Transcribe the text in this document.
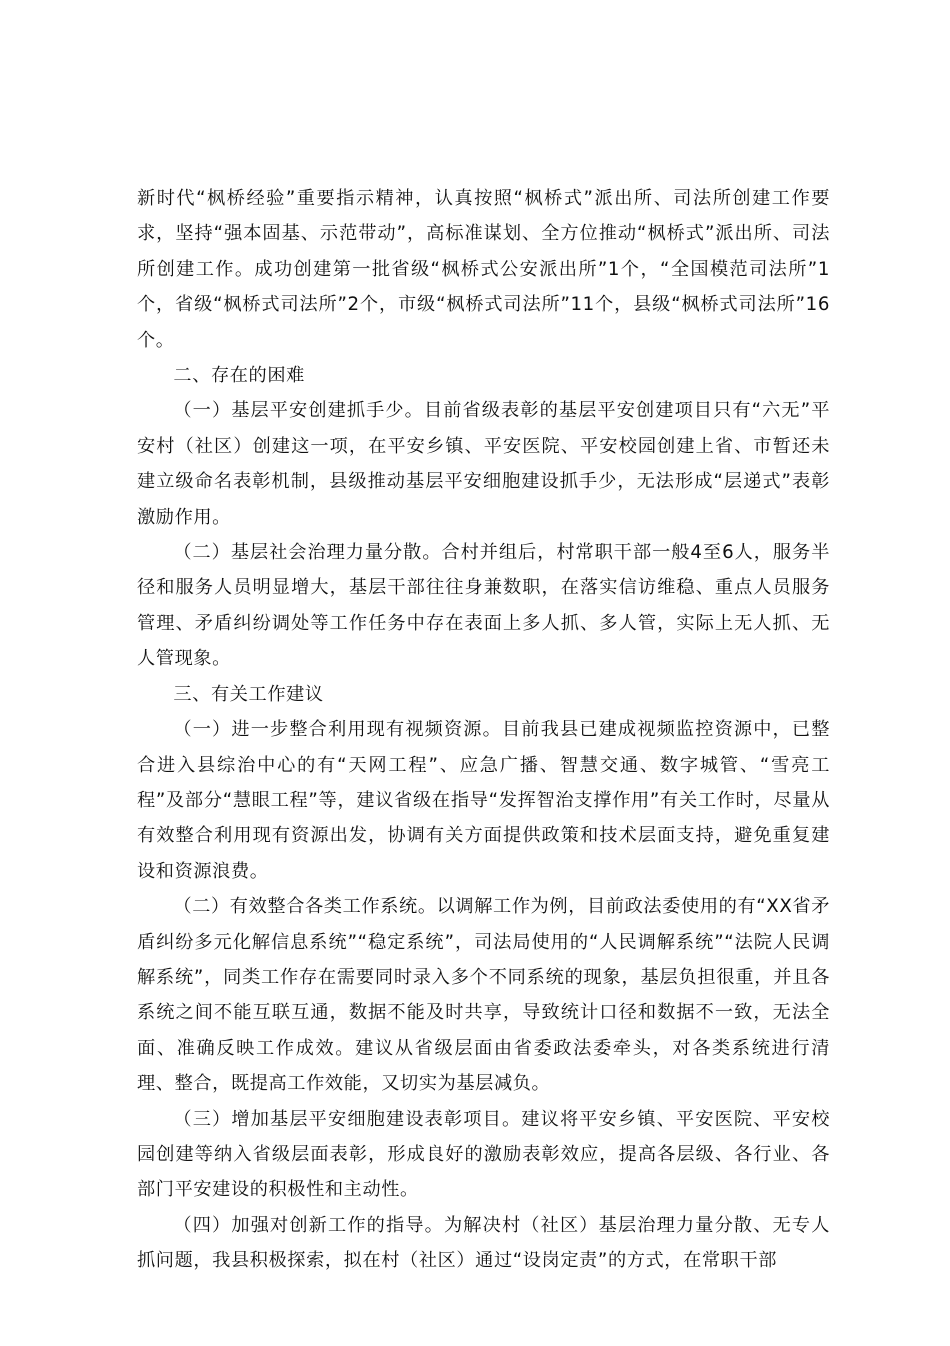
新时代“枫桥经验”重要指示精神，认真按照“枫桥式”派出所、司法所创建工作要求，坚持“强本固基、示范带动”，高标准谋划、全方位推动“枫桥式”派出所、司法所创建工作。成功创建第一批省级“枫桥式公安派出所”1个，“全国模范司法所”1个，省级“枫桥式司法所”2个，市级“枫桥式司法所”11个，县级“枫桥式司法所”16个。

二、存在的困难

（一）基层平安创建抓手少。目前省级表彰的基层平安创建项目只有“六无”平安村（社区）创建这一项，在平安乡镇、平安医院、平安校园创建上省、市暂还未建立级命名表彰机制，县级推动基层平安细胞建设抓手少，无法形成“层递式”表彰激励作用。

（二）基层社会治理力量分散。合村并组后，村常职干部一般4至6人，服务半径和服务人员明显增大，基层干部往往身兼数职，在落实信访维稳、重点人员服务管理、矛盾纠纷调处等工作任务中存在表面上多人抓、多人管，实际上无人抓、无人管现象。

三、有关工作建议

（一）进一步整合利用现有视频资源。目前我县已建成视频监控资源中，已整合进入县综治中心的有“天网工程”、应急广播、智慧交通、数字城管、“雪亮工程”及部分“慧眼工程”等，建议省级在指导“发挥智治支撑作用”有关工作时，尽量从有效整合利用现有资源出发，协调有关方面提供政策和技术层面支持，避免重复建设和资源浪费。

（二）有效整合各类工作系统。以调解工作为例，目前政法委使用的有“XX省矛盾纠纷多元化解信息系统”“稳定系统”，司法局使用的“人民调解系统”“法院人民调解系统”，同类工作存在需要同时录入多个不同系统的现象，基层负担很重，并且各系统之间不能互联互通，数据不能及时共享，导致统计口径和数据不一致，无法全面、准确反映工作成效。建议从省级层面由省委政法委牵头，对各类系统进行清理、整合，既提高工作效能，又切实为基层减负。

（三）增加基层平安细胞建设表彰项目。建议将平安乡镇、平安医院、平安校园创建等纳入省级层面表彰，形成良好的激励表彰效应，提高各层级、各行业、各部门平安建设的积极性和主动性。

（四）加强对创新工作的指导。为解决村（社区）基层治理力量分散、无专人抓问题，我县积极探索，拟在村（社区）通过“设岗定责”的方式，在常职干部
